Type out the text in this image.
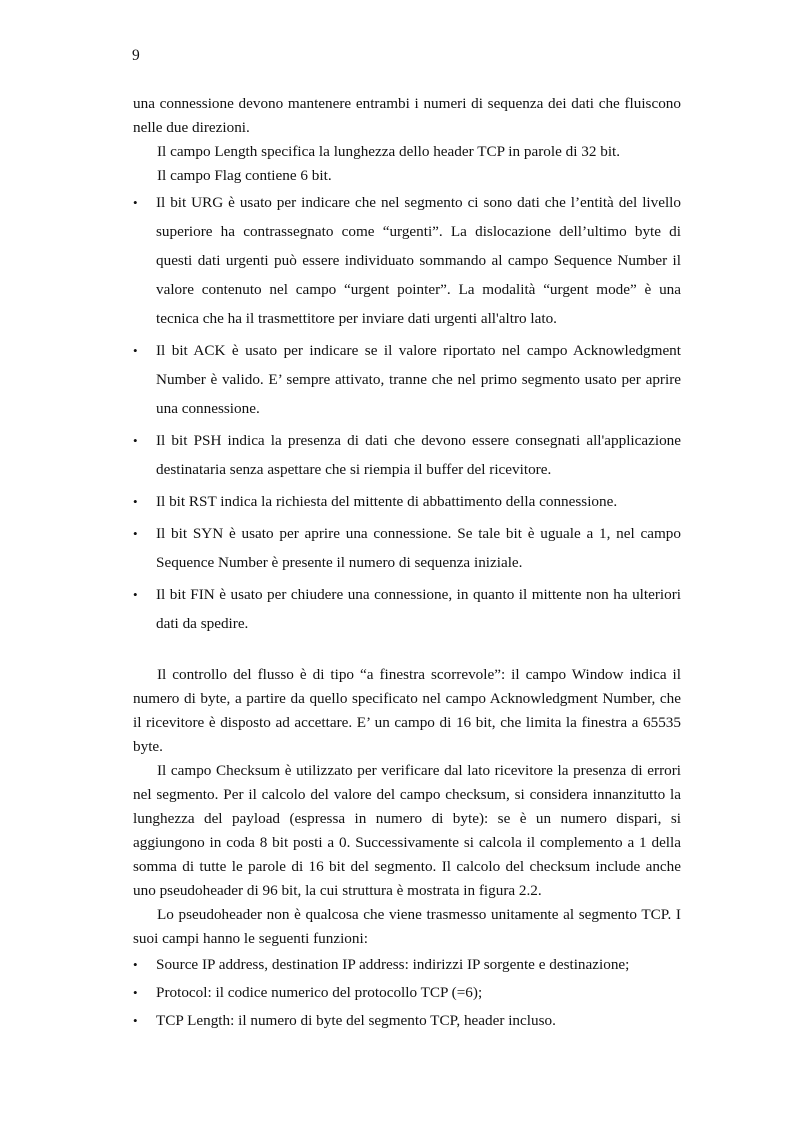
9

una connessione devono mantenere entrambi i numeri di sequenza dei dati che fluiscono nelle due direzioni.

Il campo Length specifica la lunghezza dello header TCP in parole di 32 bit.

Il campo Flag contiene 6 bit.

• Il bit URG è usato per indicare che nel segmento ci sono dati che l’entità del livello superiore ha contrassegnato come “urgenti”. La dislocazione dell’ultimo byte di questi dati urgenti può essere individuato sommando al campo Sequence Number il valore contenuto nel campo “urgent pointer”. La modalità “urgent mode” è una tecnica che ha il trasmettitore per inviare dati urgenti all'altro lato.
• Il bit ACK è usato per indicare se il valore riportato nel campo Acknowledgment Number è valido. E’ sempre attivato, tranne che nel primo segmento usato per aprire una connessione.
• Il bit PSH indica la presenza di dati che devono essere consegnati all'applicazione destinataria senza aspettare che si riempia il buffer del ricevitore.
• Il bit RST indica la richiesta del mittente di abbattimento della connessione.
• Il bit SYN è usato per aprire una connessione. Se tale bit è uguale a 1, nel campo Sequence Number è presente il numero di sequenza iniziale.
• Il bit FIN è usato per chiudere una connessione, in quanto il mittente non ha ulteriori dati da spedire.

Il controllo del flusso è di tipo “a finestra scorrevole”: il campo Window indica il numero di byte, a partire da quello specificato nel campo Acknowledgment Number, che il ricevitore è disposto ad accettare. E’ un campo di 16 bit, che limita la finestra a 65535 byte.

Il campo Checksum è utilizzato per verificare dal lato ricevitore la presenza di errori nel segmento. Per il calcolo del valore del campo checksum, si considera innanzitutto la lunghezza del payload (espressa in numero di byte): se è un numero dispari, si aggiungono in coda 8 bit posti a 0. Successivamente si calcola il complemento a 1 della somma di tutte le parole di 16 bit del segmento. Il calcolo del checksum include anche uno pseudoheader di 96 bit, la cui struttura è mostrata in figura 2.2.

Lo pseudoheader non è qualcosa che viene trasmesso unitamente al segmento TCP. I suoi campi hanno le seguenti funzioni:

• Source IP address, destination IP address: indirizzi IP sorgente e destinazione;
• Protocol: il codice numerico del protocollo TCP (=6);
• TCP Length: il numero di byte del segmento TCP, header incluso.
